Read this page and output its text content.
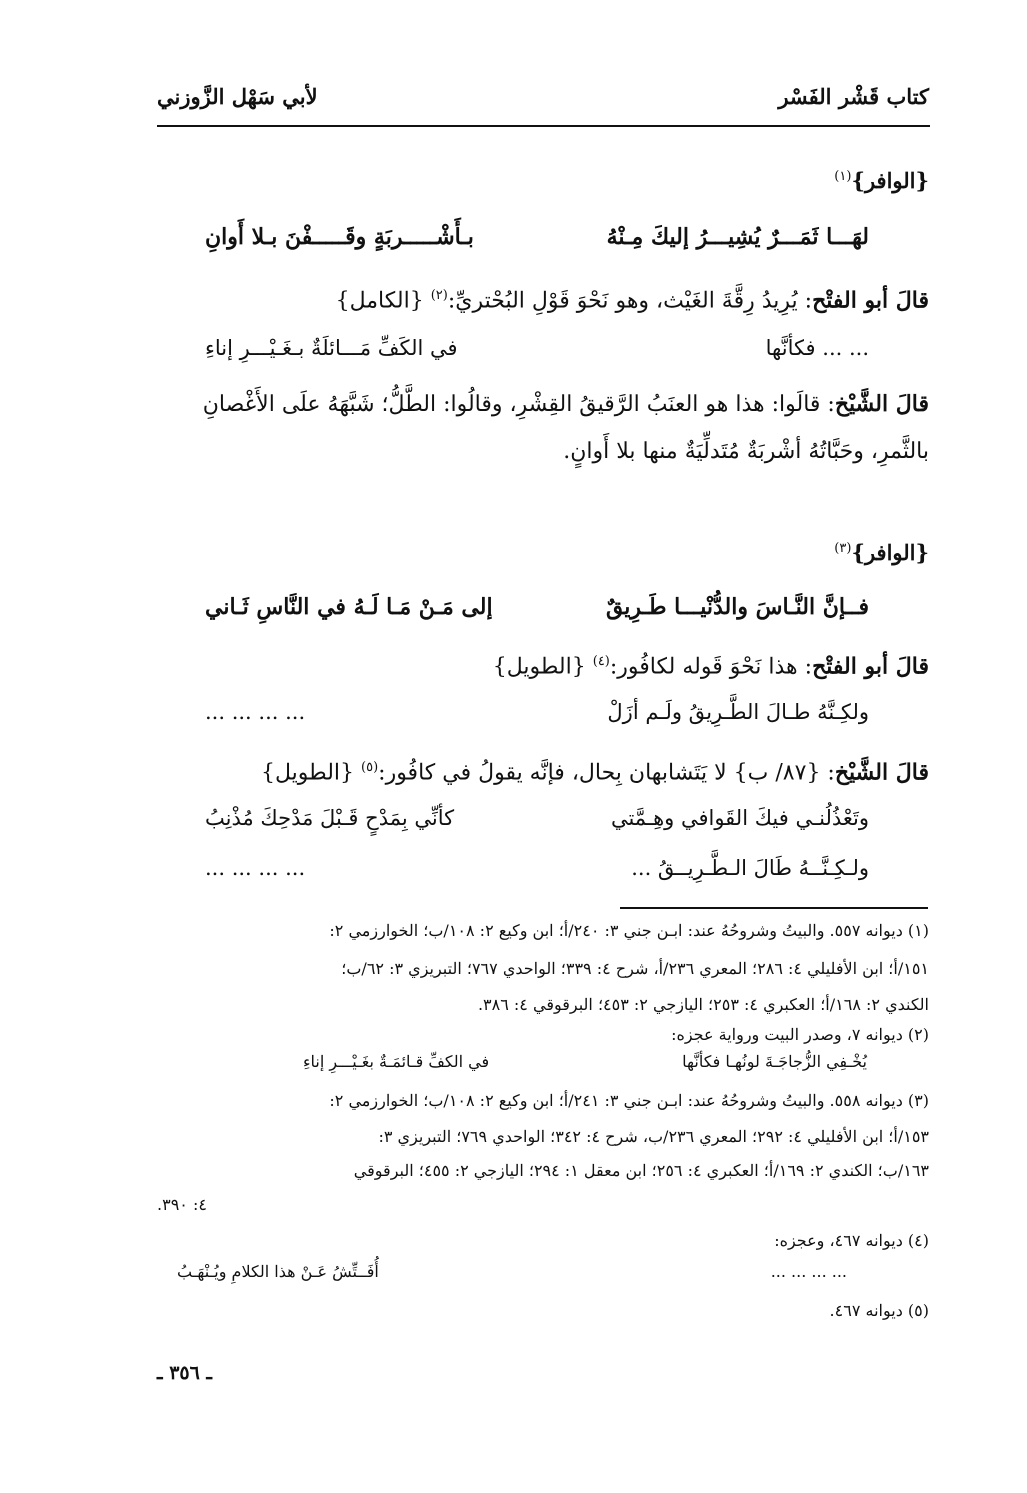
كتاب قَشْر الفَسْر
لأبي سَهْل الزَّوزني
{الوافر}$^{(١)}$
لهَـــا ثَمَـــرٌ يُشِيـــرُ إليكَ مِـنْهُ
بـأَشْـــــربَةٍ وقَـــــفْنَ بـلا أَوانِ
قالَ أبو الفتْح: يُرِيدُ رِقَّةَ الغَيْث، وهو نَحْوَ قَوْلِ البُحْتريِّ:$^{(٢)}$ {الكامل}
... ... فكأنَّها
في الكَفِّ مَـــائلَةٌ بـغَـيْـــرِ إناءِ
قالَ الشَّيْخ: قالَوا: هذا هو العنَبُ الرَّقيقُ القِشْرِ، وقالُوا: الطَّلُّ؛ شَبَّهَهُ علَى الأَغْصانِ
بالثَّمرِ، وحَبَّاتُهُ أشْربَةٌ مُتَدلِّيَةٌ منها بلا أَوانٍ.
{الوافر}$^{(٣)}$
فــإنَّ النَّـاسَ والدُّنْيـــا طَـرِيقٌ
إلى مَـنْ مَـا لَـهُ في النَّاسِ ثَـاني
قالَ أبو الفتْح: هذا نَحْوَ قَوله لكافُور:$^{(٤)}$ {الطويل}
ولكِـنَّهُ طـالَ الطَّـرِيقُ ولَـم أزَلْ
... ... ... ...
قالَ الشَّيْخ: {٨٧/ ب} لا يَتَشابهان بِحال، فإنَّه يقولُ في كافُور:$^{(٥)}$ {الطويل}
وتَعْذُلُنـي فيكَ القَوافي وهِـمَّتي
كأنِّي بِمَدْحٍ قَـبْلَ مَدْحِكَ مُذْنِبُ
ولـكِـنَّــهُ طَالَ الـطَّـرِيــقُ ...
... ... ... ...
(١) ديوانه ٥٥٧. والبيتُ وشروحُهُ عند: ابـن جني ٣: ٢٤٠/أ؛ ابن وكيع ٢: ١٠٨/ب؛ الخوارزمي ٢:
١٥١/أ؛ ابن الأفليلي ٤: ٢٨٦؛ المعري ٢٣٦/أ، شرح ٤: ٣٣٩؛ الواحدي ٧٦٧؛ التبريزي ٣: ٦٢/ب؛
الكندي ٢: ١٦٨/أ؛ العكبري ٤: ٢٥٣؛ اليازجي ٢: ٤٥٣؛ البرقوقي ٤: ٣٨٦.
(٢) ديوانه ٧، وصدر البيت ورواية عجزه:
يُخْـفِي الزُّجاجَـةَ لونُهـا فكأنَّها
في الكفِّ قـائمَـةٌ بغَـيْـــرِ إناءِ
(٣) ديوانه ٥٥٨. والبيتُ وشروحُهُ عند: ابـن جني ٣: ٢٤١/أ؛ ابن وكيع ٢: ١٠٨/ب؛ الخوارزمي ٢:
١٥٣/أ؛ ابن الأفليلي ٤: ٢٩٢؛ المعري ٢٣٦/ب، شرح ٤: ٣٤٢؛ الواحدي ٧٦٩؛ التبريزي ٣:
١٦٣/ب؛ الكندي ٢: ١٦٩/أ؛ العكبري ٤: ٢٥٦؛ ابن معقل ١: ٢٩٤؛ اليازجي ٢: ٤٥٥؛ البرقوقي
٤: ٣٩٠.
(٤) ديوانه ٤٦٧، وعجزه:
... ... ... ...
أُفَــتِّشُ عَـنْ هذا الكلامِ ويُـنْهَـبُ
(٥) ديوانه ٤٦٧.
ـ ٣٥٦ ـ
